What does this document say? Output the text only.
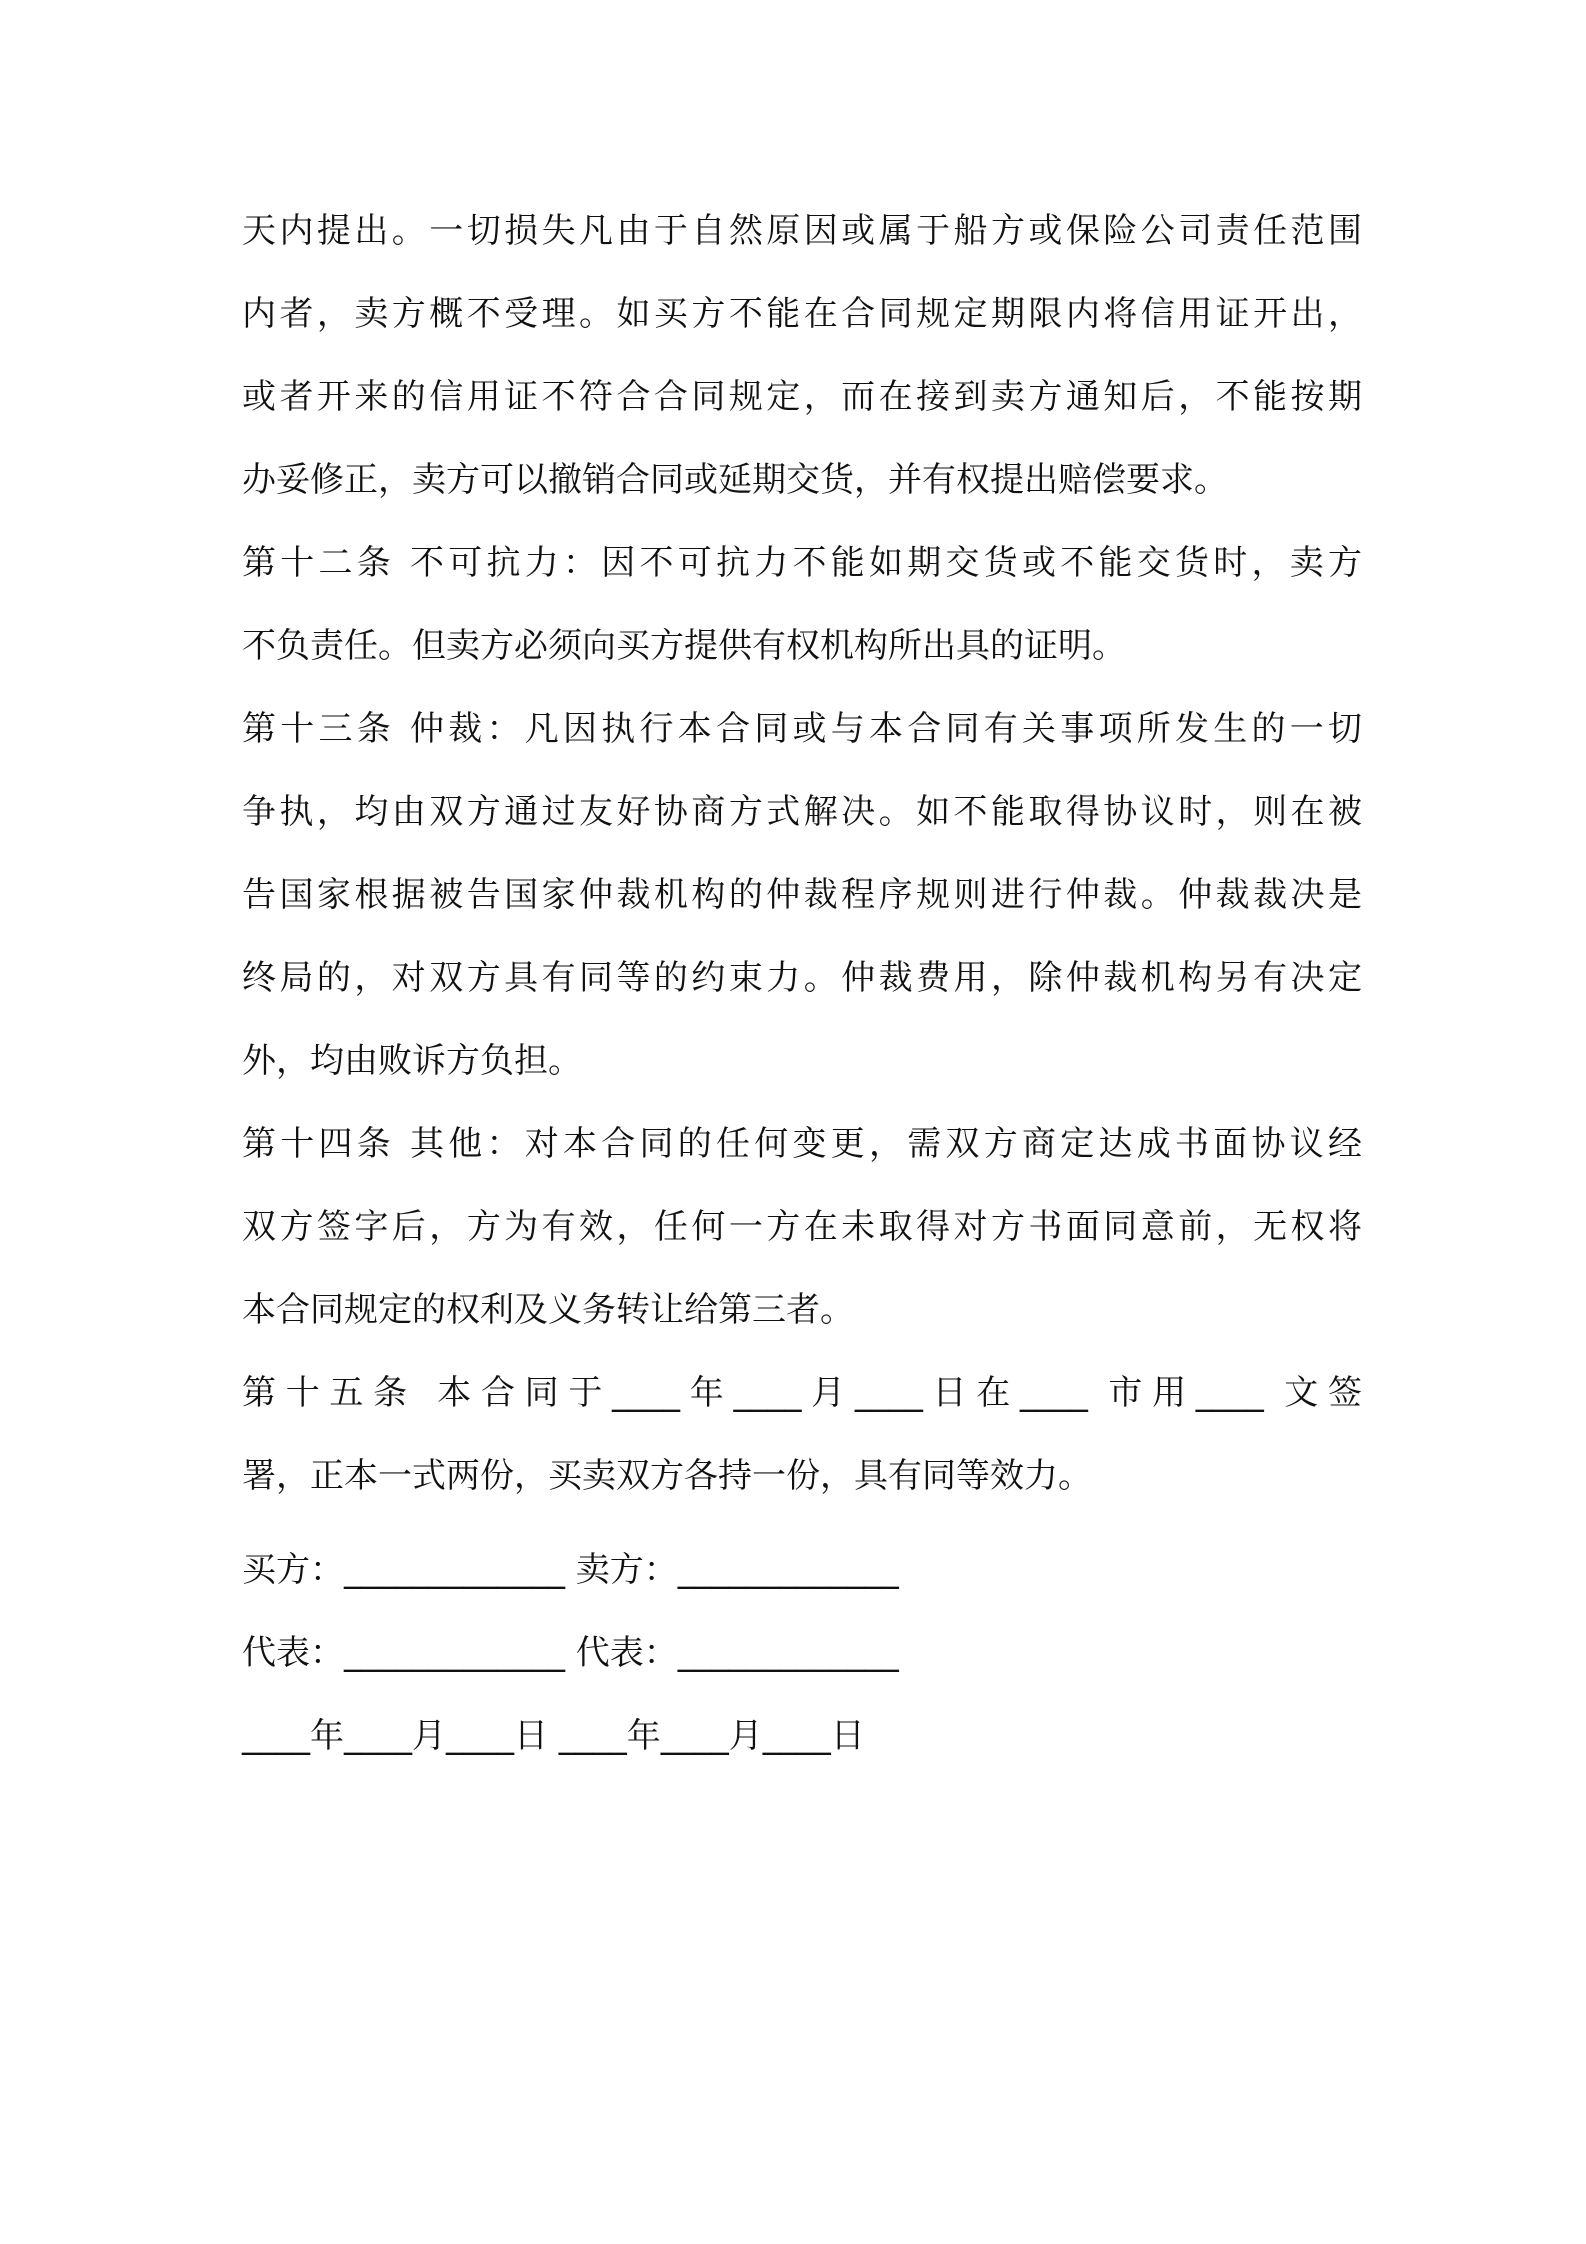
天内提出。一切损失凡由于自然原因或属于船方或保险公司责任范围
内者，卖方概不受理。如买方不能在合同规定期限内将信用证开出，
或者开来的信用证不符合合同规定，而在接到卖方通知后，不能按期
办妥修正，卖方可以撤销合同或延期交货，并有权提出赔偿要求。
第十二条 不可抗力：因不可抗力不能如期交货或不能交货时，卖方
不负责任。但卖方必须向买方提供有权机构所出具的证明。
第十三条 仲裁：凡因执行本合同或与本合同有关事项所发生的一切
争执，均由双方通过友好协商方式解决。如不能取得协议时，则在被
告国家根据被告国家仲裁机构的仲裁程序规则进行仲裁。仲裁裁决是
终局的，对双方具有同等的约束力。仲裁费用，除仲裁机构另有决定
外，均由败诉方负担。
第十四条 其他：对本合同的任何变更，需双方商定达成书面协议经
双方签字后，方为有效，任何一方在未取得对方书面同意前，无权将
本合同规定的权利及义务转让给第三者。
第十五条 本合同于____年____月____日在____ 市用____ 文签
署，正本一式两份，买卖双方各持一份，具有同等效力。
买方：_____________ 卖方：_____________
代表：_____________ 代表：_____________
____年____月____日 ____年____月____日
